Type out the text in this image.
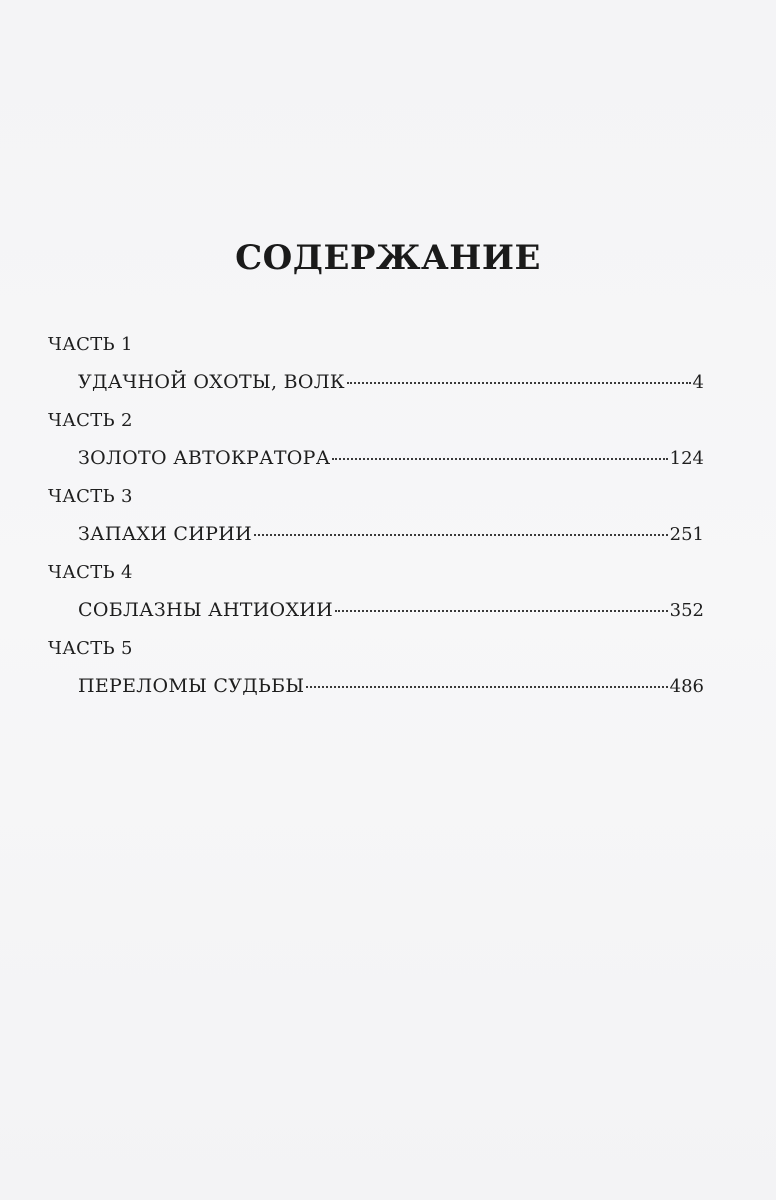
СОДЕРЖАНИЕ
ЧАСТЬ 1
УДАЧНОЙ ОХОТЫ, ВОЛК	4
ЧАСТЬ 2
ЗОЛОТО АВТОКРАТОРА	124
ЧАСТЬ 3
ЗАПАХИ СИРИИ	251
ЧАСТЬ 4
СОБЛАЗНЫ АНТИОХИИ	352
ЧАСТЬ 5
ПЕРЕЛОМЫ СУДЬБЫ	486
